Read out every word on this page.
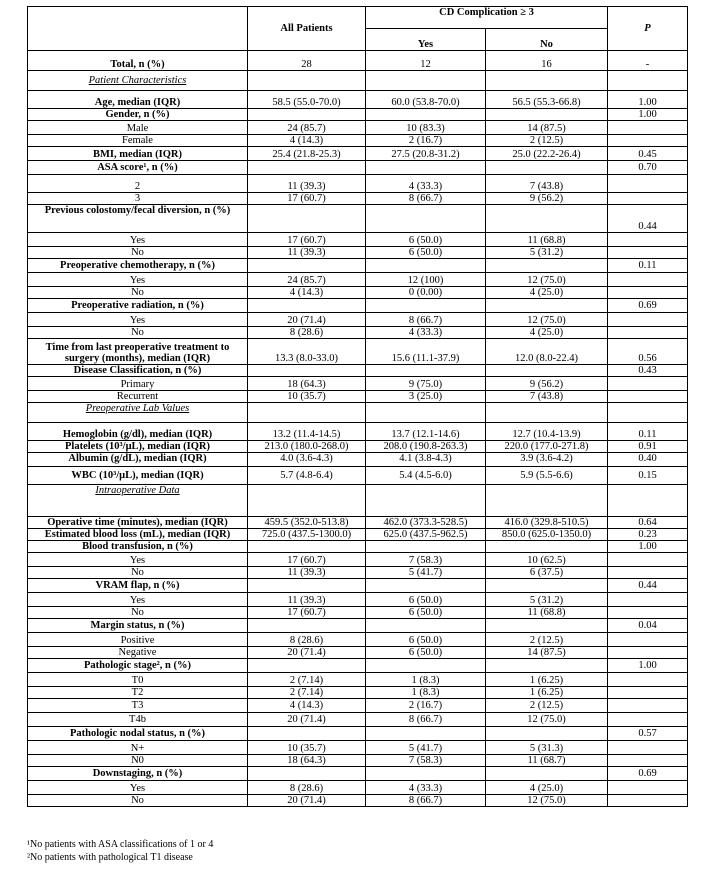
	All Patients	CD Complication ≥ 3		P
		Yes	No	
Total, n (%)	28	12	16	-
Patient Characteristics				
Age, median (IQR)	58.5 (55.0-70.0)	60.0 (53.8-70.0)	56.5 (55.3-66.8)	1.00
Gender, n (%)				1.00
Male	24 (85.7)	10 (83.3)	14 (87.5)	
Female	4 (14.3)	2 (16.7)	2 (12.5)	
BMI, median (IQR)	25.4 (21.8-25.3)	27.5 (20.8-31.2)	25.0 (22.2-26.4)	0.45
ASA score¹, n (%)				0.70
2	11 (39.3)	4 (33.3)	7 (43.8)	
3	17 (60.7)	8 (66.7)	9 (56.2)	
Previous colostomy/fecal diversion, n (%)				0.44
Yes	17 (60.7)	6 (50.0)	11 (68.8)	
No	11 (39.3)	6 (50.0)	5 (31.2)	
Preoperative chemotherapy, n (%)				0.11
Yes	24 (85.7)	12 (100)	12 (75.0)	
No	4 (14.3)	0 (0.00)	4 (25.0)	
Preoperative radiation, n (%)				0.69
Yes	20 (71.4)	8 (66.7)	12 (75.0)	
No	8 (28.6)	4 (33.3)	4 (25.0)	
Time from last preoperative treatment to surgery (months), median (IQR)	13.3 (8.0-33.0)	15.6 (11.1-37.9)	12.0 (8.0-22.4)	0.56
Disease Classification, n (%)				0.43
Primary	18 (64.3)	9 (75.0)	9 (56.2)	
Recurrent	10 (35.7)	3 (25.0)	7 (43.8)	
Preoperative Lab Values				
Hemoglobin (g/dl), median (IQR)	13.2 (11.4-14.5)	13.7 (12.1-14.6)	12.7 (10.4-13.9)	0.11
Platelets (10³/μL), median (IQR)	213.0 (180.0-268.0)	208.0 (190.8-263.3)	220.0 (177.0-271.8)	0.91
Albumin (g/dL), median (IQR)	4.0 (3.6-4.3)	4.1 (3.8-4.3)	3.9 (3.6-4.2)	0.40
WBC (10³/μL), median (IQR)	5.7 (4.8-6.4)	5.4 (4.5-6.0)	5.9 (5.5-6.6)	0.15
Intraoperative Data				
Operative time (minutes), median (IQR)	459.5 (352.0-513.8)	462.0 (373.3-528.5)	416.0 (329.8-510.5)	0.64
Estimated blood loss (mL), median (IQR)	725.0 (437.5-1300.0)	625.0 (437.5-962.5)	850.0 (625.0-1350.0)	0.23
Blood transfusion, n (%)				1.00
Yes	17 (60.7)	7 (58.3)	10 (62.5)	
No	11 (39.3)	5 (41.7)	6 (37.5)	
VRAM flap, n (%)				0.44
Yes	11 (39.3)	6 (50.0)	5 (31.2)	
No	17 (60.7)	6 (50.0)	11 (68.8)	
Margin status, n (%)				0.04
Positive	8 (28.6)	6 (50.0)	2 (12.5)	
Negative	20 (71.4)	6 (50.0)	14 (87.5)	
Pathologic stage², n (%)				1.00
T0	2 (7.14)	1 (8.3)	1 (6.25)	
T2	2 (7.14)	1 (8.3)	1 (6.25)	
T3	4 (14.3)	2 (16.7)	2 (12.5)	
T4b	20 (71.4)	8 (66.7)	12 (75.0)	
Pathologic nodal status, n (%)				0.57
N+	10 (35.7)	5 (41.7)	5 (31.3)	
N0	18 (64.3)	7 (58.3)	11 (68.7)	
Downstaging, n (%)				0.69
Yes	8 (28.6)	4 (33.3)	4 (25.0)	
No	20 (71.4)	8 (66.7)	12 (75.0)	
¹No patients with ASA classifications of 1 or 4
²No patients with pathological T1 disease
